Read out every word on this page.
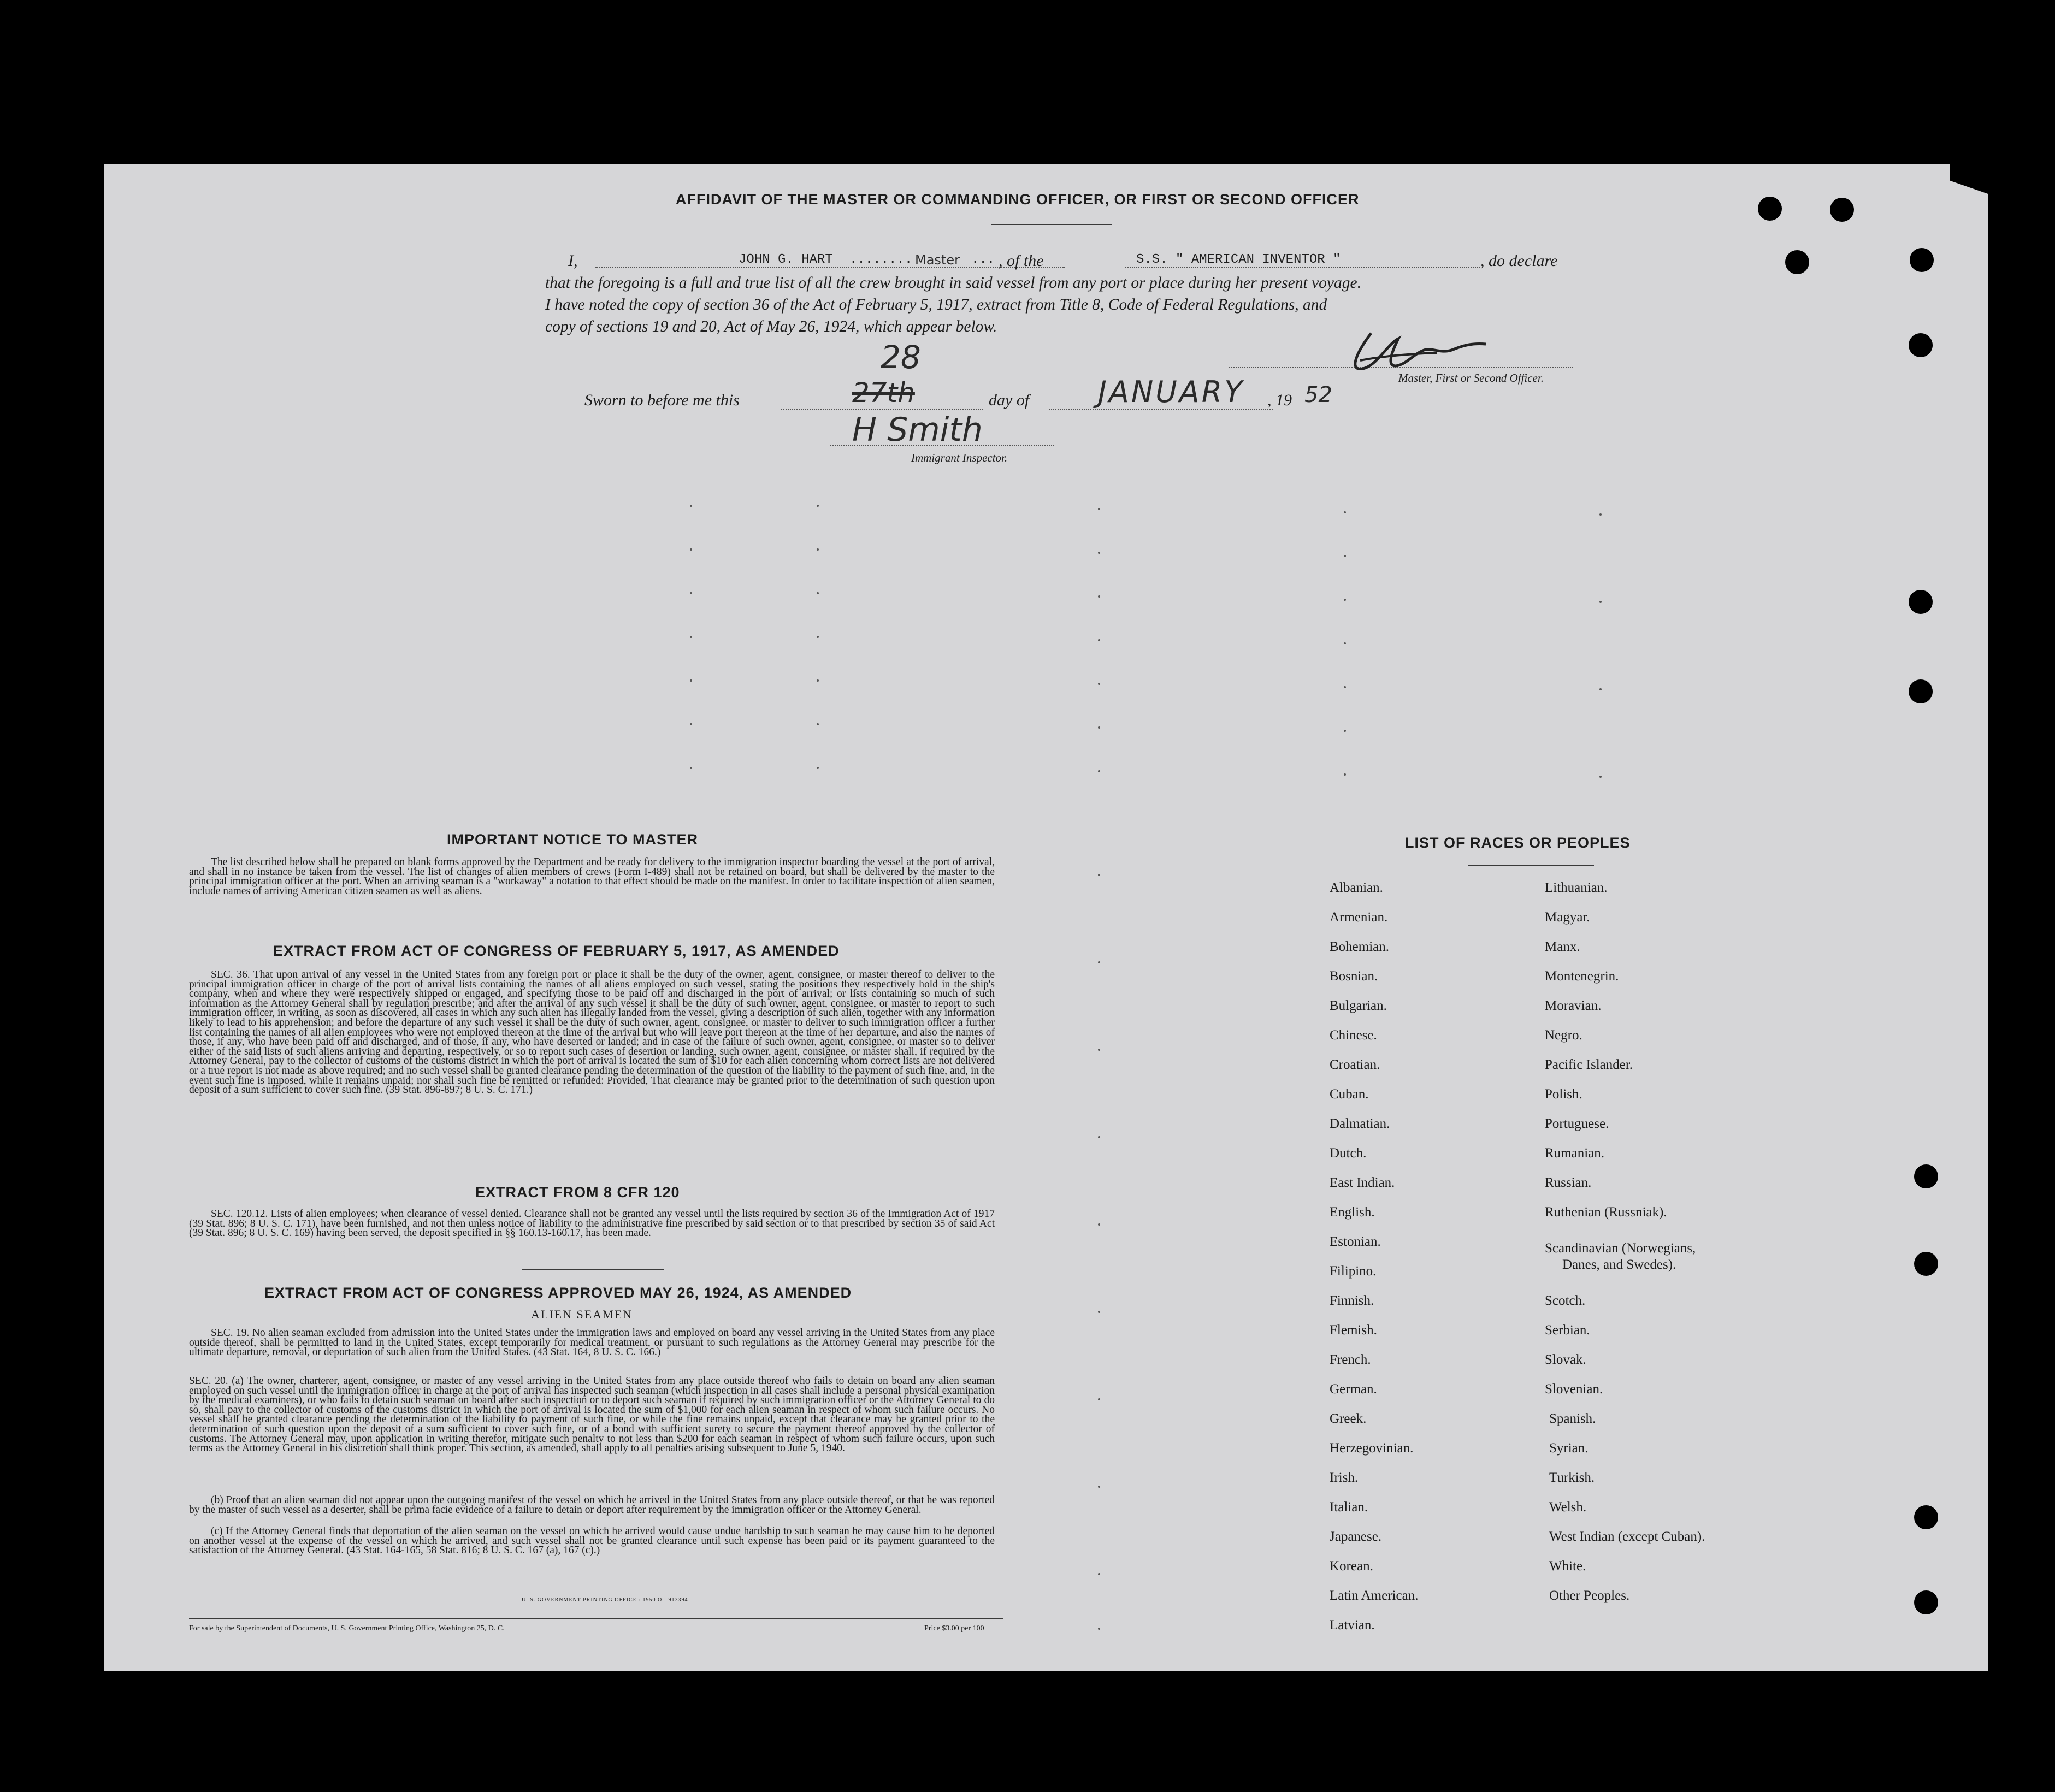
AFFIDAVIT OF THE MASTER OR COMMANDING OFFICER, OR FIRST OR SECOND OFFICER
I,	JOHN G. HART ........ Master ... , of the	S.S. " AMERICAN INVENTOR "	, do declare
that the foregoing is a full and true list of all the crew brought in said vessel from any port or place during her present voyage.
I have noted the copy of section 36 of the Act of February 5, 1917, extract from Title 8, Code of Federal Regulations, and
copy of sections 19 and 20, Act of May 26, 1924, which appear below.
Master, First or Second Officer.
Sworn to before me this
28
27th	day of JANUARY , 19 52
H Smith
Immigrant Inspector.
IMPORTANT NOTICE TO MASTER
The list described below shall be prepared on blank forms approved by the Department and be ready for delivery to the immigration inspector boarding the vessel at the port of arrival, and shall in no instance be taken from the vessel. The list of changes of alien members of crews (Form I-489) shall not be retained on board, but shall be delivered by the master to the principal immigration officer at the port. When an arriving seaman is a "workaway" a notation to that effect should be made on the manifest. In order to facilitate inspection of alien seamen, include names of arriving American citizen seamen as well as aliens.
EXTRACT FROM ACT OF CONGRESS OF FEBRUARY 5, 1917, AS AMENDED
SEC. 36. That upon arrival of any vessel in the United States from any foreign port or place it shall be the duty of the owner, agent, consignee, or master thereof to deliver to the principal immigration officer in charge of the port of arrival lists containing the names of all aliens employed on such vessel, stating the positions they respectively hold in the ship's company, when and where they were respectively shipped or engaged, and specifying those to be paid off and discharged in the port of arrival; or lists containing so much of such information as the Attorney General shall by regulation prescribe; and after the arrival of any such vessel it shall be the duty of such owner, agent, consignee, or master to report to such immigration officer, in writing, as soon as discovered, all cases in which any such alien has illegally landed from the vessel, giving a description of such alien, together with any information likely to lead to his apprehension; and before the departure of any such vessel it shall be the duty of such owner, agent, consignee, or master to deliver to such immigration officer a further list containing the names of all alien employees who were not employed thereon at the time of the arrival but who will leave port thereon at the time of her departure, and also the names of those, if any, who have been paid off and discharged, and of those, if any, who have deserted or landed; and in case of the failure of such owner, agent, consignee, or master so to deliver either of the said lists of such aliens arriving and departing, respectively, or so to report such cases of desertion or landing, such owner, agent, consignee, or master shall, if required by the Attorney General, pay to the collector of customs of the customs district in which the port of arrival is located the sum of $10 for each alien concerning whom correct lists are not delivered or a true report is not made as above required; and no such vessel shall be granted clearance pending the determination of the question of the liability to the payment of such fine, and, in the event such fine is imposed, while it remains unpaid; nor shall such fine be remitted or refunded: Provided, That clearance may be granted prior to the determination of such question upon deposit of a sum sufficient to cover such fine. (39 Stat. 896-897; 8 U. S. C. 171.)
EXTRACT FROM 8 CFR 120
SEC. 120.12. Lists of alien employees; when clearance of vessel denied. Clearance shall not be granted any vessel until the lists required by section 36 of the Immigration Act of 1917 (39 Stat. 896; 8 U. S. C. 171), have been furnished, and not then unless notice of liability to the administrative fine prescribed by said section or to that prescribed by section 35 of said Act (39 Stat. 896; 8 U. S. C. 169) having been served, the deposit specified in §§ 160.13-160.17, has been made.
EXTRACT FROM ACT OF CONGRESS APPROVED MAY 26, 1924, AS AMENDED
ALIEN SEAMEN
SEC. 19. No alien seaman excluded from admission into the United States under the immigration laws and employed on board any vessel arriving in the United States from any place outside thereof, shall be permitted to land in the United States, except temporarily for medical treatment, or pursuant to such regulations as the Attorney General may prescribe for the ultimate departure, removal, or deportation of such alien from the United States. (43 Stat. 164, 8 U. S. C. 166.)
SEC. 20. (a) The owner, charterer, agent, consignee, or master of any vessel arriving in the United States from any place outside thereof who fails to detain on board any alien seaman employed on such vessel until the immigration officer in charge at the port of arrival has inspected such seaman (which inspection in all cases shall include a personal physical examination by the medical examiners), or who fails to detain such seaman on board after such inspection or to deport such seaman if required by such immigration officer or the Attorney General to do so, shall pay to the collector of customs of the customs district in which the port of arrival is located the sum of $1,000 for each alien seaman in respect of whom such failure occurs. No vessel shall be granted clearance pending the determination of the liability to payment of such fine, or while the fine remains unpaid, except that clearance may be granted prior to the determination of such question upon the deposit of a sum sufficient to cover such fine, or of a bond with sufficient surety to secure the payment thereof approved by the collector of customs. The Attorney General may, upon application in writing therefor, mitigate such penalty to not less than $200 for each seaman in respect of whom such failure occurs, upon such terms as the Attorney General in his discretion shall think proper. This section, as amended, shall apply to all penalties arising subsequent to June 5, 1940.
(b) Proof that an alien seaman did not appear upon the outgoing manifest of the vessel on which he arrived in the United States from any place outside thereof, or that he was reported by the master of such vessel as a deserter, shall be prima facie evidence of a failure to detain or deport after requirement by the immigration officer or the Attorney General.
(c) If the Attorney General finds that deportation of the alien seaman on the vessel on which he arrived would cause undue hardship to such seaman he may cause him to be deported on another vessel at the expense of the vessel on which he arrived, and such vessel shall not be granted clearance until such expense has been paid or its payment guaranteed to the satisfaction of the Attorney General. (43 Stat. 164-165, 58 Stat. 816; 8 U. S. C. 167 (a), 167 (c).)
U. S. GOVERNMENT PRINTING OFFICE : 1950 O - 913394
For sale by the Superintendent of Documents, U. S. Government Printing Office, Washington 25, D. C.	Price $3.00 per 100
LIST OF RACES OR PEOPLES
Albanian.
Armenian.
Bohemian.
Bosnian.
Bulgarian.
Chinese.
Croatian.
Cuban.
Dalmatian.
Dutch.
East Indian.
English.
Estonian.
Filipino.
Finnish.
Flemish.
French.
German.
Greek.
Herzegovinian.
Irish.
Italian.
Japanese.
Korean.
Latin American.
Latvian.
Lithuanian.
Magyar.
Manx.
Montenegrin.
Moravian.
Negro.
Pacific Islander.
Polish.
Portuguese.
Rumanian.
Russian.
Ruthenian (Russniak).
Scandinavian (Norwegians,
Danes, and Swedes).
Scotch.
Serbian.
Slovak.
Slovenian.
Spanish.
Syrian.
Turkish.
Welsh.
West Indian (except Cuban).
White.
Other Peoples.
